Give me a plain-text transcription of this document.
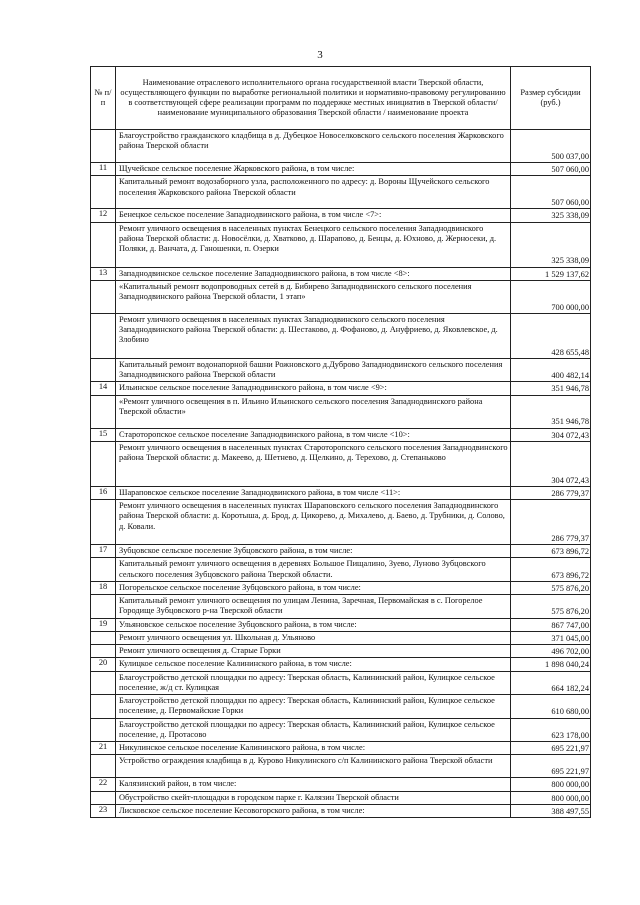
3
№ п/п	Наименование отраслевого исполнительного органа государственной власти Тверской области, осуществляющего функции по выработке региональной политики и нормативно-правовому регулированию в соответствующей сфере реализации программ по поддержке местных инициатив в Тверской области/ наименование муниципального образования Тверской области / наименование проекта	Размер субсидии (руб.)
	Благоустройство гражданского кладбища в д. Дубецкое Новоселковского сельского поселения Жарковского района Тверской области	500 037,00
11	Щучейское сельское поселение Жарковского района, в том числе:	507 060,00
	Капитальный ремонт водозаборного узла, расположенного по адресу: д. Вороны Щучейского сельского поселения Жарковского района Тверской области	507 060,00
12	Бенецкое сельское поселение Западнодвинского района, в том числе <7>:	325 338,09
	Ремонт уличного освещения в населенных пунктах Бенецкого сельского поселения Западнодвинского района Тверской области: д. Новосёлки, д. Хватково, д. Шарапово, д. Бенцы, д. Юхново, д. Жерносеки, д. Поляки, д. Ванчата, д. Ганошенки, п. Озерки	325 338,09
13	Западнодвинское сельское поселение Западнодвинского района, в том числе <8>:	1 529 137,62
	«Капитальный ремонт водопроводных сетей в д. Бибирево Западнодвинского сельского поселения Западнодвинского района Тверской области, 1 этап»	700 000,00
	Ремонт уличного освещения в населенных пунктах Западнодвинского сельского поселения Западнодвинского района Тверской области: д. Шестаково, д. Фофаново, д. Ануфриево, д. Яковлевское, д. Злобино	428 655,48
	Капитальный ремонт водонапорной башни Рожновского д.Дуброво Западнодвинского сельского поселения Западнодвинского района Тверской области	400 482,14
14	Ильинское сельское поселение Западнодвинского района, в том числе <9>:	351 946,78
	«Ремонт уличного освещения в п. Ильино Ильинского сельского поселения Западнодвинского района Тверской области»	351 946,78
15	Староторопское сельское поселение Западнодвинского района, в том числе <10>:	304 072,43
	Ремонт уличного освещения в населенных пунктах Староторопского сельского поселения Западнодвинского района Тверской области: д. Макеево, д. Шетнево, д. Щелкино, д. Терехово, д. Степаньково	304 072,43
16	Шараповское сельское поселение Западнодвинского района, в том числе <11>:	286 779,37
	Ремонт уличного освещения в населенных пунктах Шараповского сельского поселения Западнодвинского района Тверской области: д. Коротыша, д. Брод, д. Цикорево, д. Михалево, д. Баево, д. Трубники, д. Солово, д. Ковали.	286 779,37
17	Зубцовское сельское поселение Зубцовского района, в том числе:	673 896,72
	Капитальный ремонт уличного освещения в деревнях Большое Пищалино, Зуево, Луново Зубцовского сельского поселения Зубцовского района Тверской области.	673 896,72
18	Погорельское сельское поселение Зубцовского района, в том числе:	575 876,20
	Капитальный ремонт уличного освещения по улицам Ленина, Заречная, Первомайская в с. Погорелое Городище Зубцовского р-на Тверской области	575 876,20
19	Ульяновское сельское поселение Зубцовского района, в том числе:	867 747,00
	Ремонт уличного освещения ул. Школьная д. Ульяново	371 045,00
	Ремонт уличного освещения д. Старые Горки	496 702,00
20	Кулицкое сельское поселение Калининского района, в том числе:	1 898 040,24
	Благоустройство детской площадки по адресу: Тверская область, Калининский район, Кулицкое сельское поселение, ж/д ст. Кулицкая	664 182,24
	Благоустройство детской площадки по адресу: Тверская область, Калининский район, Кулицкое сельское поселение, д. Первомайские Горки	610 680,00
	Благоустройство детской площадки по адресу: Тверская область, Калининский район, Кулицкое сельское поселение, д. Протасово	623 178,00
21	Никулинское сельское поселение Калининского района, в том числе:	695 221,97
	Устройство ограждения кладбища в д. Курово Никулинского с/п Калининского района Тверской области	695 221,97
22	Калязинский район, в том числе:	800 000,00
	Обустройство скейт-площадки в городском парке г. Калязин Тверской области	800 000,00
23	Лисковское сельское поселение Кесовогорского района, в том числе:	388 497,55
